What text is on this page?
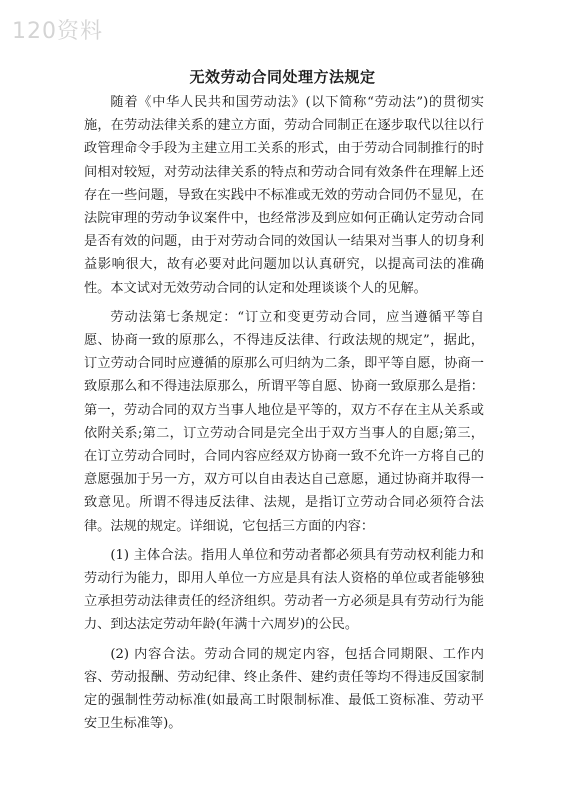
120资料
无效劳动合同处理方法规定

随着《中华人民共和国劳动法》(以下简称“劳动法”)的贯彻实施，在劳动法律关系的建立方面，劳动合同制正在逐步取代以往以行政管理命令手段为主建立用工关系的形式，由于劳动合同制推行的时间相对较短，对劳动法律关系的特点和劳动合同有效条件在理解上还存在一些问题，导致在实践中不标准或无效的劳动合同仍不显见，在法院审理的劳动争议案件中，也经常涉及到应如何正确认定劳动合同是否有效的问题，由于对劳动合同的效国认一结果对当事人的切身利益影响很大，故有必要对此问题加以认真研究，以提高司法的准确性。本文试对无效劳动合同的认定和处理谈谈个人的见解。

劳动法第七条规定：“订立和变更劳动合同，应当遵循平等自愿、协商一致的原那么，不得违反法律、行政法规的规定”，据此，订立劳动合同时应遵循的原那么可归纳为二条，即平等自愿，协商一致原那么和不得违法原那么，所谓平等自愿、协商一致原那么是指：第一，劳动合同的双方当事人地位是平等的，双方不存在主从关系或依附关系;第二，订立劳动合同是完全出于双方当事人的自愿;第三，在订立劳动合同时，合同内容应经双方协商一致不允许一方将自己的意愿强加于另一方，双方可以自由表达自己意愿，通过协商并取得一致意见。所谓不得违反法律、法规，是指订立劳动合同必须符合法律。法规的规定。详细说，它包括三方面的内容：

(1) 主体合法。指用人单位和劳动者都必须具有劳动权利能力和劳动行为能力，即用人单位一方应是具有法人资格的单位或者能够独立承担劳动法律责任的经济组织。劳动者一方必须是具有劳动行为能力、到达法定劳动年龄(年满十六周岁)的公民。

(2) 内容合法。劳动合同的规定内容，包括合同期限、工作内容、劳动报酬、劳动纪律、终止条件、建约责任等均不得违反国家制定的强制性劳动标准(如最高工时限制标准、最低工资标准、劳动平安卫生标准等)。
